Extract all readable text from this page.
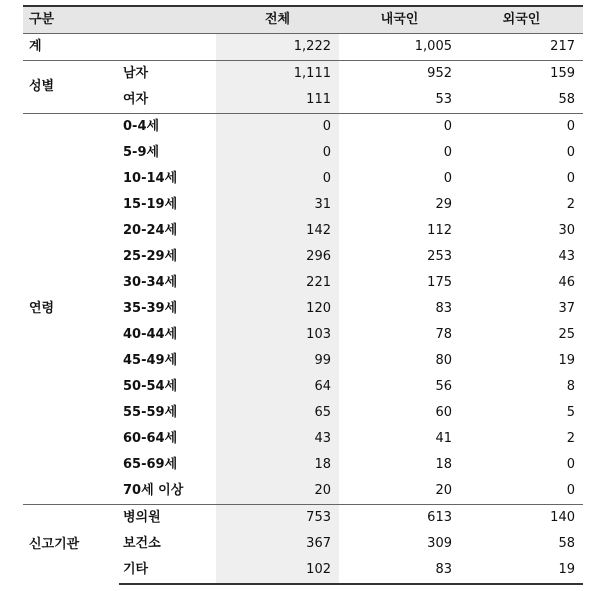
구분		전체	내국인	외국인
계		1,222	1,005	217
성별	남자	1,111	952	159
	여자	111	53	58
연령	0-4세	0	0	0
	5-9세	0	0	0
	10-14세	0	0	0
	15-19세	31	29	2
	20-24세	142	112	30
	25-29세	296	253	43
	30-34세	221	175	46
	35-39세	120	83	37
	40-44세	103	78	25
	45-49세	99	80	19
	50-54세	64	56	8
	55-59세	65	60	5
	60-64세	43	41	2
	65-69세	18	18	0
	70세 이상	20	20	0
신고기관	병의원	753	613	140
	보건소	367	309	58
	기타	102	83	19
